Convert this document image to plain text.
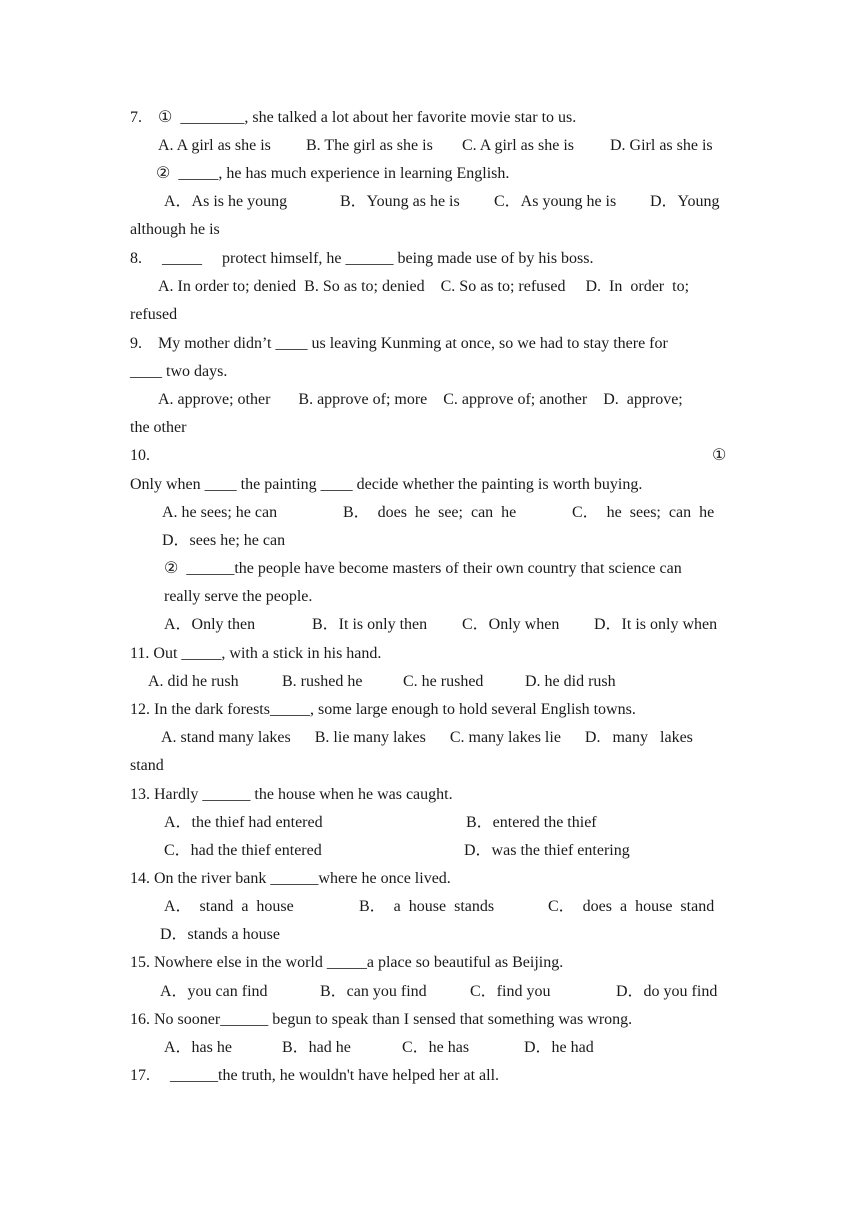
7.    ①  ________, she talked a lot about her favorite movie star to us.
A. A girl as she is B. The girl as she is C. A girl as she is D. Girl as she is
②  _____, he has much experience in learning English.
A．As is he young	B．Young as he is C．As young he is D．Young
although he is
8.     _____     protect himself, he ______ being made use of by his boss.
A. In order to; denied  B. So as to; denied    C. So as to; refused     D.  In  order  to;
refused
9.    My mother didn’t ____ us leaving Kunming at once, so we had to stay there for
____ two days.
A. approve; other       B. approve of; more    C. approve of; another    D.  approve;
the other
10.	①
Only when ____ the painting ____ decide whether the painting is worth buying.
A. he sees; he can	B．  does  he  see;  can  he	C．  he  sees;  can  he
D．sees he; he can
②  ______the people have become masters of their own country that science can
really serve the people.
A．Only then	B．It is only then C．Only when D．It is only when
11. Out _____, with a stick in his hand.
A. did he rush	B. rushed he	C. he rushed	D. he did rush
12. In the dark forests_____, some large enough to hold several English towns.
A. stand many lakes      B. lie many lakes      C. many lakes lie      D.   many   lakes
stand
13. Hardly ______ the house when he was caught.
A．the thief had entered	B．entered the thief
C．had the thief entered	D．was the thief entering
14. On the river bank ______where he once lived.
A．  stand  a  house	B．  a  house  stands	C．  does  a  house  stand
D．stands a house
15. Nowhere else in the world _____a place so beautiful as Beijing.
A．you can find	B．can you find	C．find you	D．do you find
16. No sooner______ begun to speak than I sensed that something was wrong.
A．has he	B．had he	C．he has	D．he had
17.     ______the truth, he wouldn't have helped her at all.
